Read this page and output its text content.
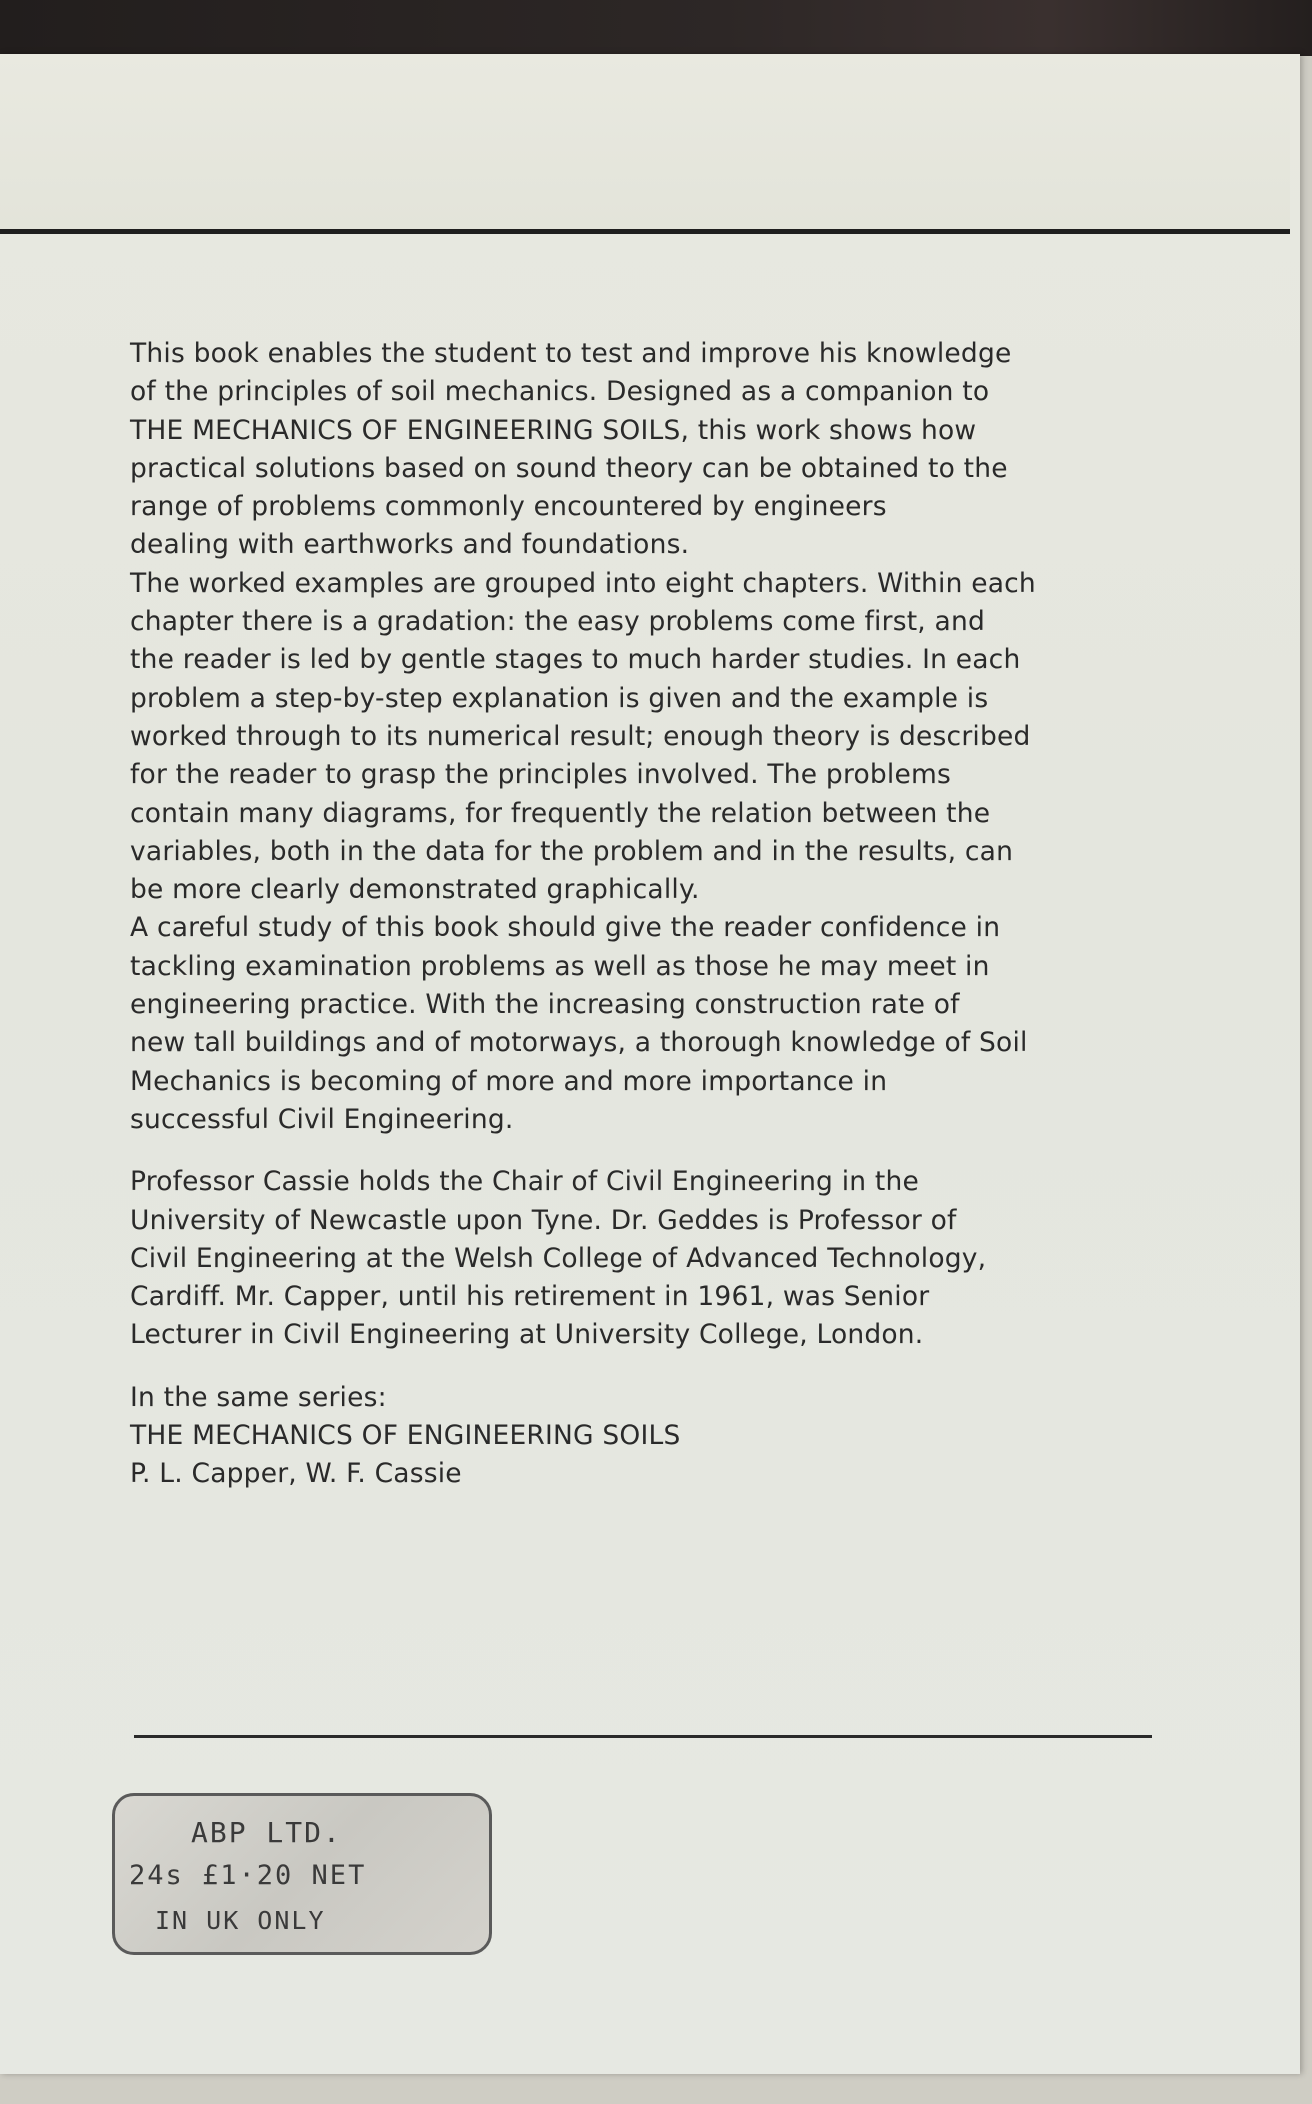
This book enables the student to test and improve his knowledge
of the principles of soil mechanics. Designed as a companion to
THE MECHANICS OF ENGINEERING SOILS, this work shows how
practical solutions based on sound theory can be obtained to the
range of problems commonly encountered by engineers
dealing with earthworks and foundations.
The worked examples are grouped into eight chapters. Within each
chapter there is a gradation: the easy problems come first, and
the reader is led by gentle stages to much harder studies. In each
problem a step-by-step explanation is given and the example is
worked through to its numerical result; enough theory is described
for the reader to grasp the principles involved. The problems
contain many diagrams, for frequently the relation between the
variables, both in the data for the problem and in the results, can
be more clearly demonstrated graphically.
A careful study of this book should give the reader confidence in
tackling examination problems as well as those he may meet in
engineering practice. With the increasing construction rate of
new tall buildings and of motorways, a thorough knowledge of Soil
Mechanics is becoming of more and more importance in
successful Civil Engineering.
Professor Cassie holds the Chair of Civil Engineering in the
University of Newcastle upon Tyne. Dr. Geddes is Professor of
Civil Engineering at the Welsh College of Advanced Technology,
Cardiff. Mr. Capper, until his retirement in 1961, was Senior
Lecturer in Civil Engineering at University College, London.
In the same series:
THE MECHANICS OF ENGINEERING SOILS
P. L. Capper, W. F. Cassie
ABP LTD.
24s £1·20 NET
IN UK ONLY
